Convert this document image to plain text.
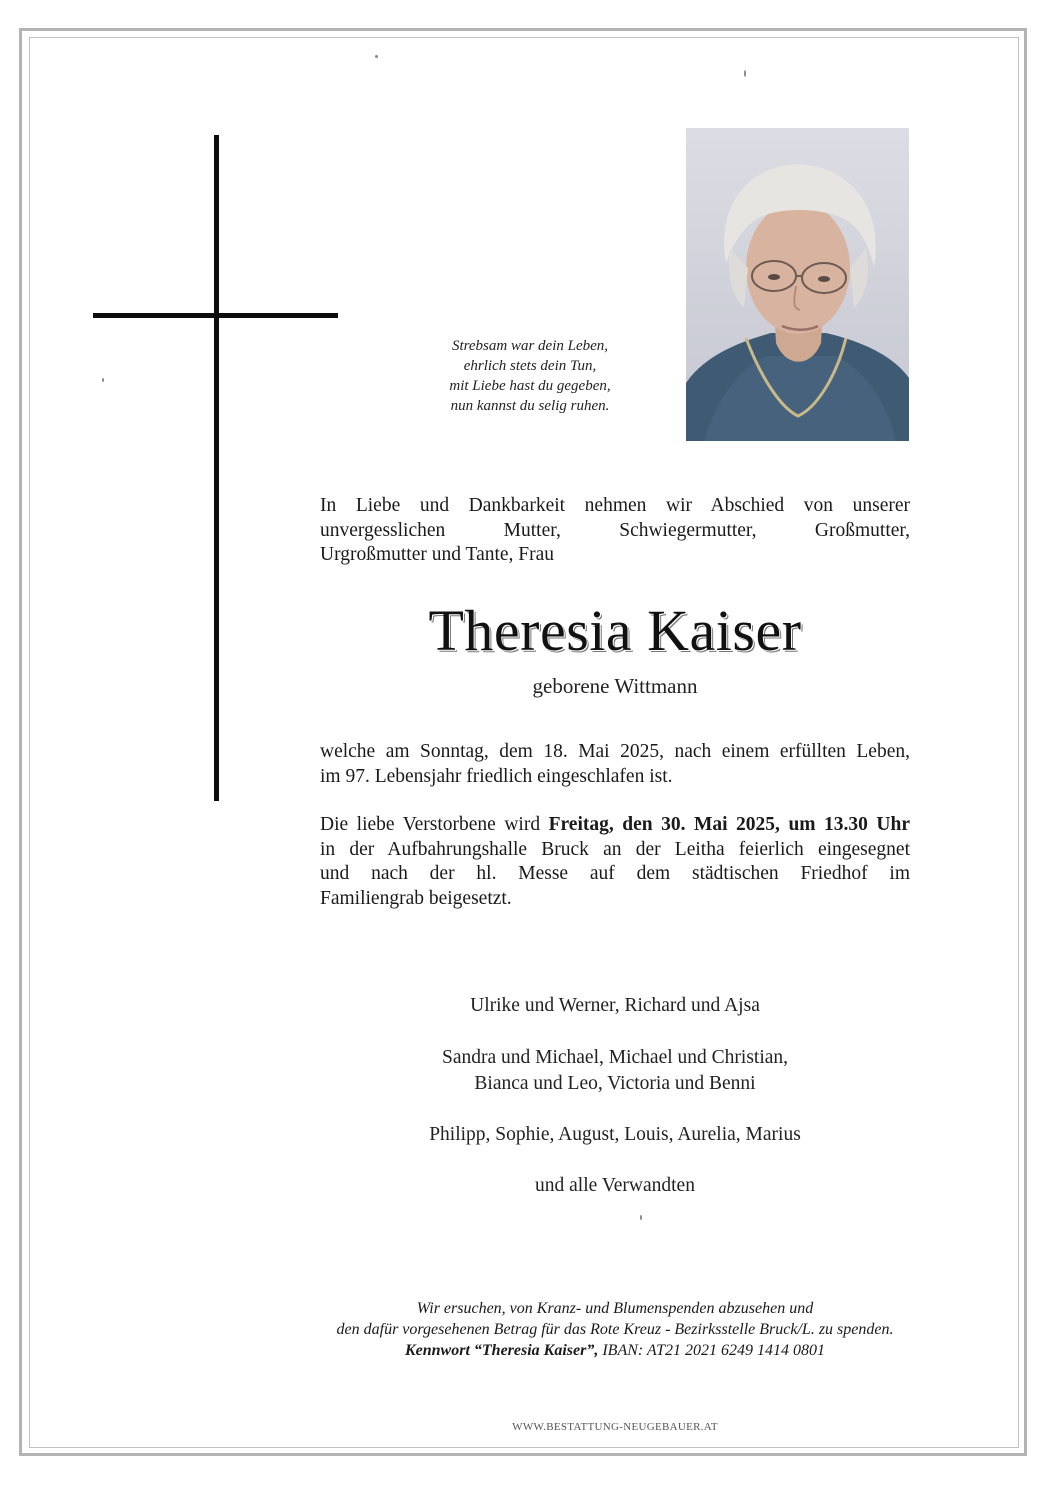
Strebsam war dein Leben,
ehrlich stets dein Tun,
mit Liebe hast du gegeben,
nun kannst du selig ruhen.
In Liebe und Dankbarkeit nehmen wir Abschied von unserer
unvergesslichen Mutter, Schwiegermutter, Großmutter,
Urgroßmutter und Tante, Frau
Theresia Kaiser
geborene Wittmann
welche am Sonntag, dem 18. Mai 2025, nach einem erfüllten Leben,
im 97. Lebensjahr friedlich eingeschlafen ist.
Die liebe Verstorbene wird Freitag, den 30. Mai 2025, um 13.30 Uhr
in der Aufbahrungshalle Bruck an der Leitha feierlich eingesegnet
und nach der hl. Messe auf dem städtischen Friedhof im
Familiengrab beigesetzt.
Ulrike und Werner, Richard und Ajsa
Sandra und Michael, Michael und Christian,
Bianca und Leo, Victoria und Benni
Philipp, Sophie, August, Louis, Aurelia, Marius
und alle Verwandten
Wir ersuchen, von Kranz- und Blumenspenden abzusehen und
den dafür vorgesehenen Betrag für das Rote Kreuz - Bezirksstelle Bruck/L. zu spenden.
Kennwort “Theresia Kaiser”, IBAN: AT21 2021 6249 1414 0801
WWW.BESTATTUNG-NEUGEBAUER.AT
